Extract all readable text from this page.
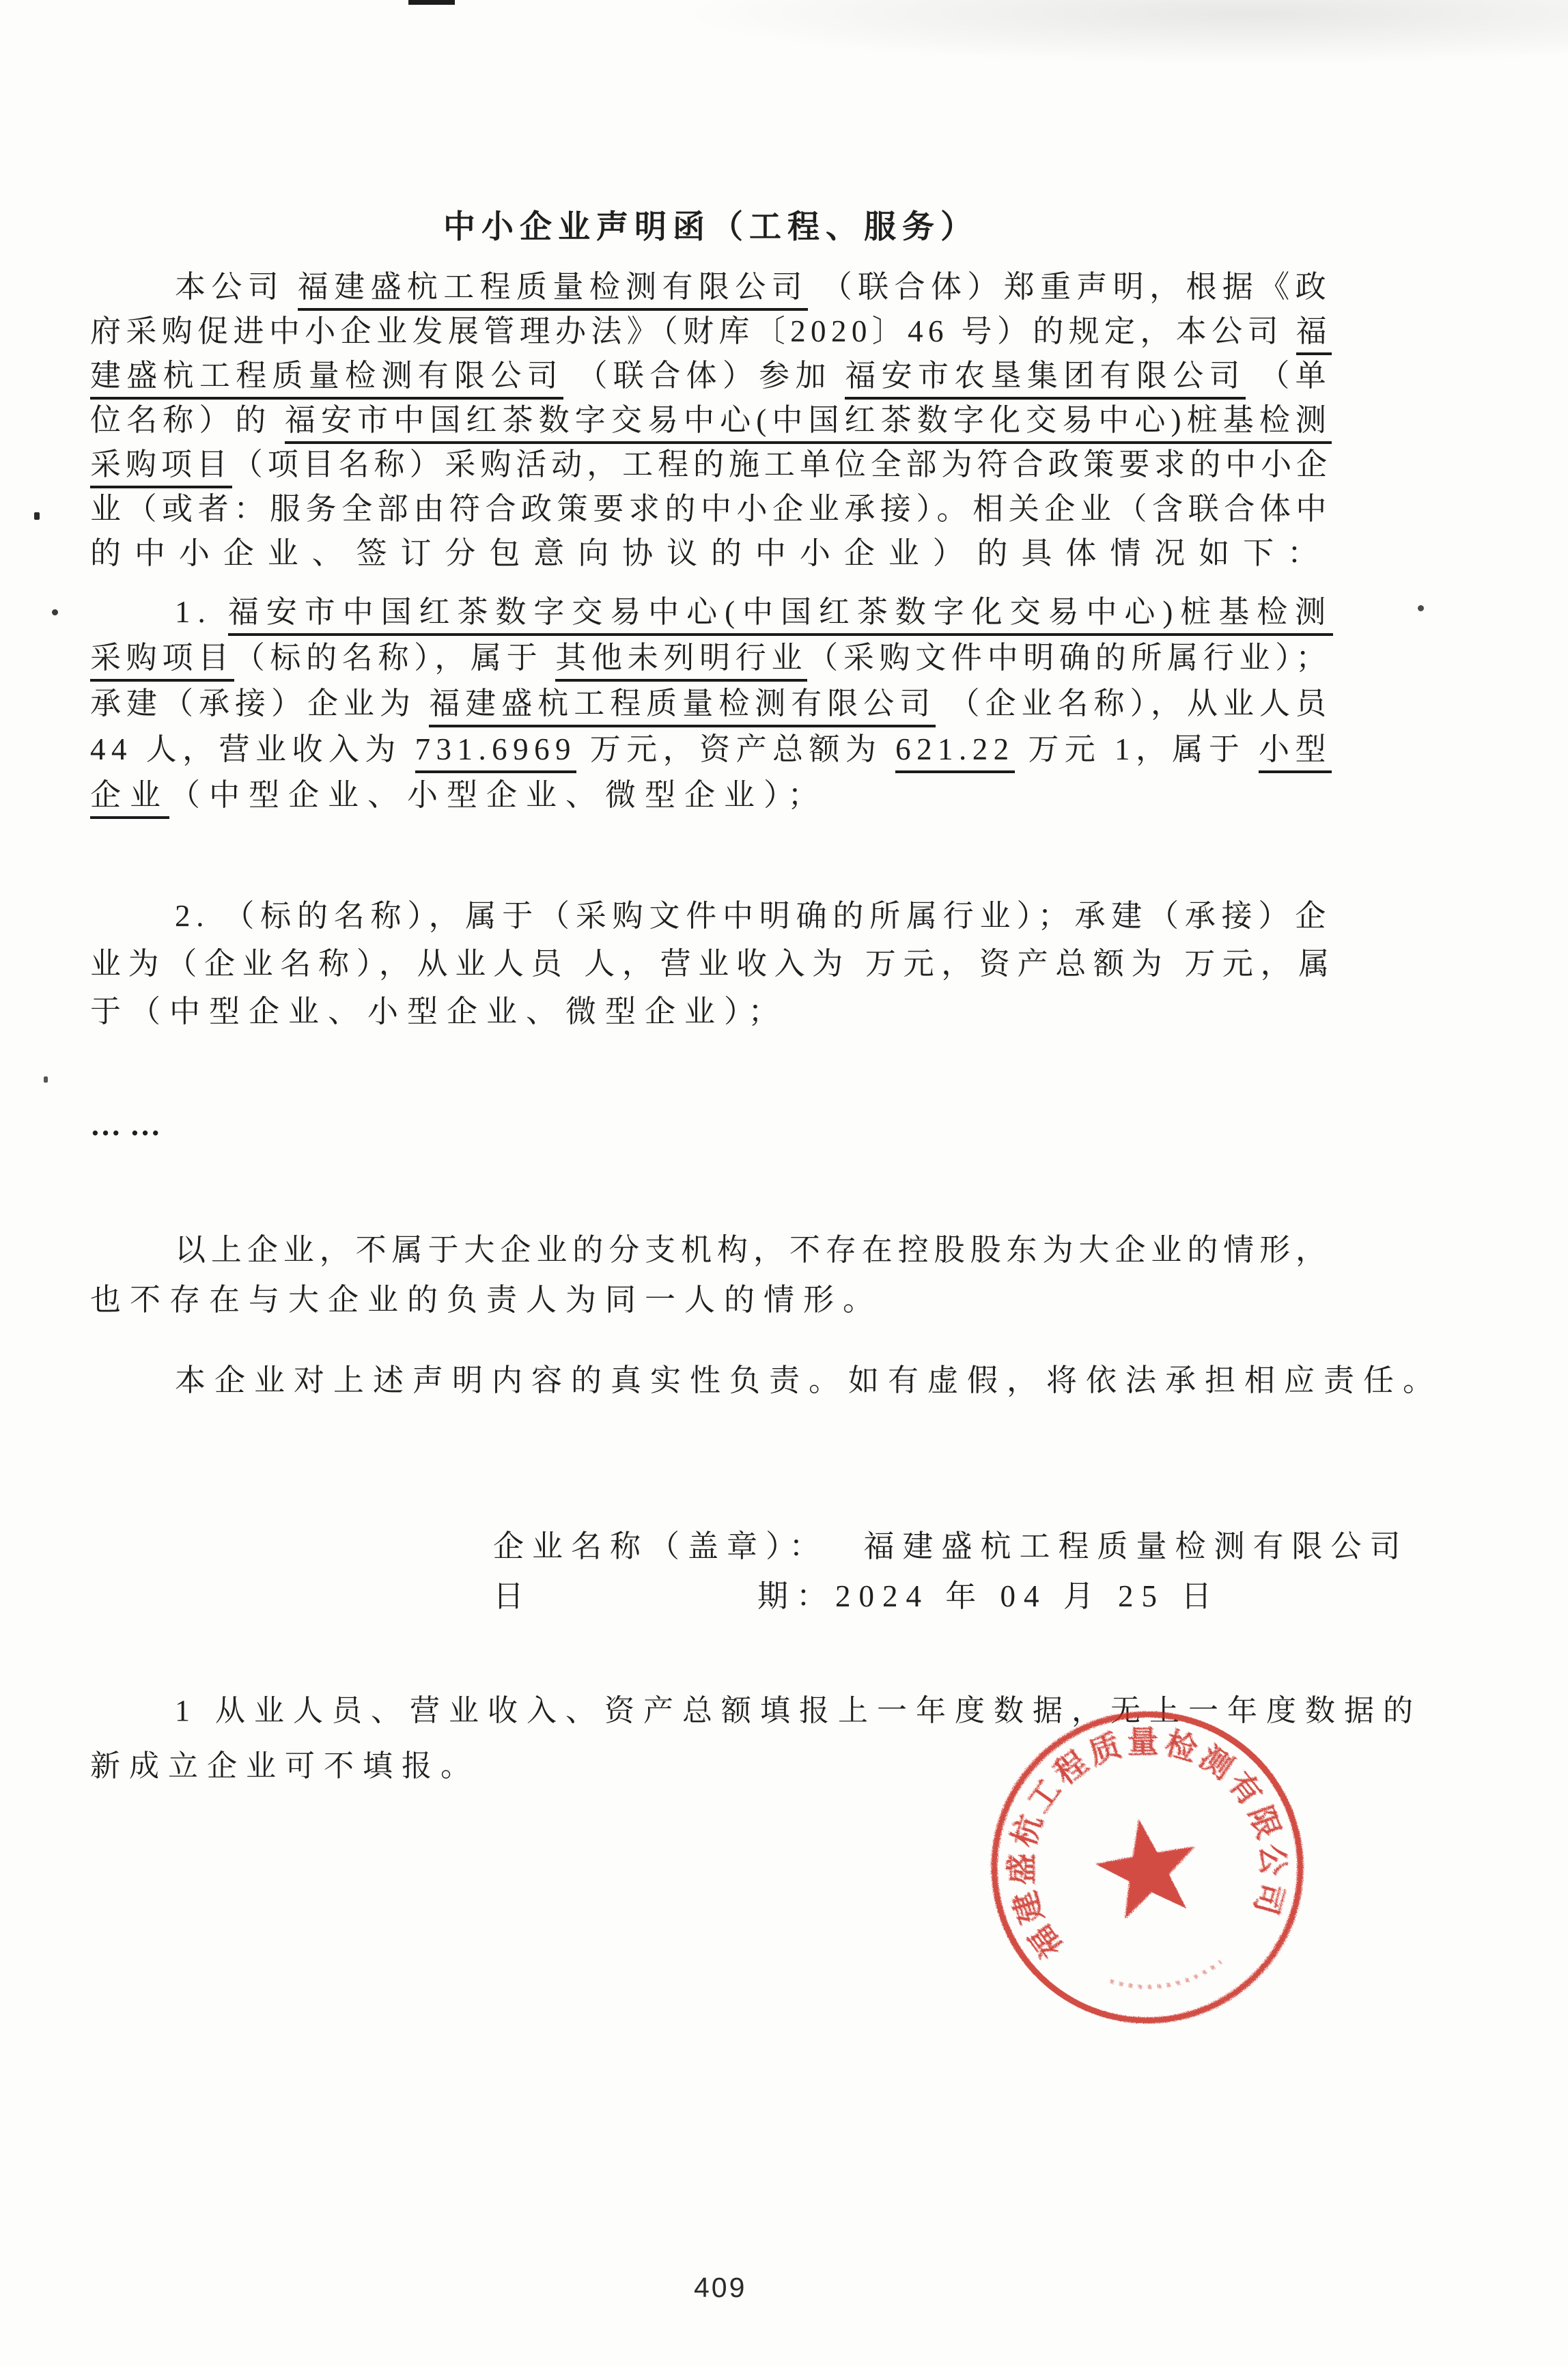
中小企业声明函（工程、服务）
本公司 福建盛杭工程质量检测有限公司 （联合体）郑重声明，根据《政
府采购促进中小企业发展管理办法》（财库〔2020〕46 号）的规定，本公司 福
建盛杭工程质量检测有限公司 （联合体）参加 福安市农垦集团有限公司 （单
位名称）的 福安市中国红茶数字交易中心(中国红茶数字化交易中心)桩基检测
采购项目（项目名称）采购活动，工程的施工单位全部为符合政策要求的中小企
业（或者：服务全部由符合政策要求的中小企业承接）。相关企业（含联合体中
的中小企业、签订分包意向协议的中小企业）的具体情况如下：
1. 福安市中国红茶数字交易中心(中国红茶数字化交易中心)桩基检测
采购项目（标的名称），属于 其他未列明行业（采购文件中明确的所属行业）；
承建（承接）企业为 福建盛杭工程质量检测有限公司 （企业名称），从业人员
44 人，营业收入为 731.6969 万元，资产总额为 621.22 万元 1，属于 小型
企业（中型企业、小型企业、微型企业）；
2. （标的名称），属于（采购文件中明确的所属行业）；承建（承接）企
业为（企业名称），从业人员 人，营业收入为 万元，资产总额为 万元，属
于（中型企业、小型企业、微型企业）；
……
以上企业，不属于大企业的分支机构，不存在控股股东为大企业的情形，
也不存在与大企业的负责人为同一人的情形。
本企业对上述声明内容的真实性负责。如有虚假，将依法承担相应责任。
1 从业人员、营业收入、资产总额填报上一年度数据，无上一年度数据的
新成立企业可不填报。
企业名称（盖章）： 福建盛杭工程质量检测有限公司
日	期：2024 年 04 月 25 日
福建盛杭工程质量检测有限公司
409
